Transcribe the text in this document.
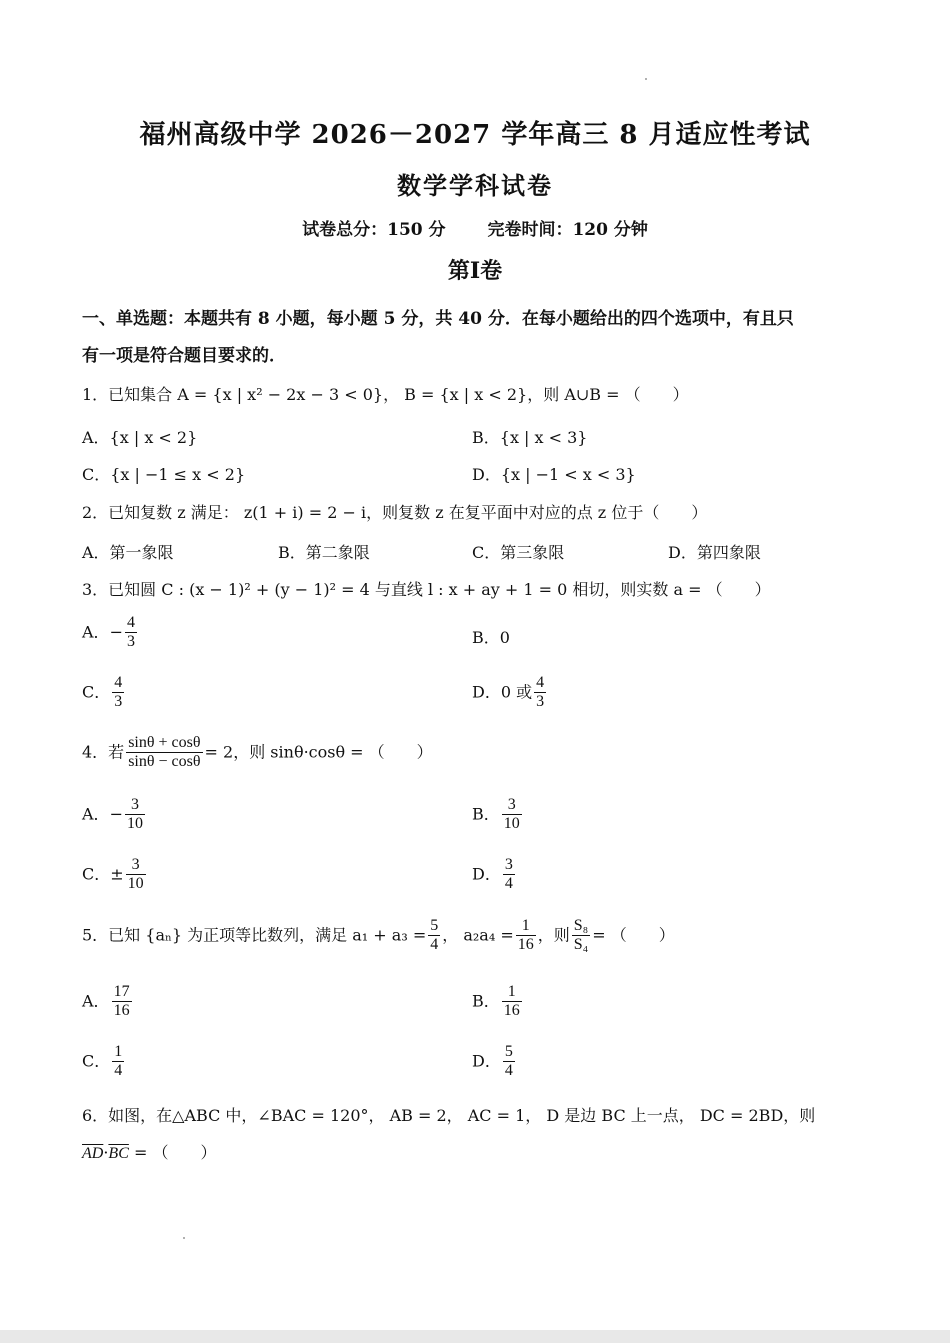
福州高级中学 2026－2027 学年高三 8 月适应性考试
数学学科试卷
试卷总分：150 分 完卷时间：120 分钟
第I卷
一、单选题：本题共有 8 小题，每小题 5 分，共 40 分．在每小题给出的四个选项中，有且只
有一项是符合题目要求的．
1．已知集合 A = {x | x² − 2x − 3 < 0}， B = {x | x < 2}，则 A∪B = （　　）
A．{x | x < 2}	B．{x | x < 3}
C．{x | −1 ≤ x < 2}	D．{x | −1 < x < 3}
2．已知复数 z 满足： z(1 + i) = 2 − i，则复数 z 在复平面中对应的点 z 位于（　　）
A．第一象限	B．第二象限	C．第三象限	D．第四象限
3．已知圆 C : (x − 1)² + (y − 1)² = 4 与直线 l : x + ay + 1 = 0 相切，则实数 a = （　　）
A．− $\frac{4}{3}$	B．0
C． $\frac{4}{3}$	D．0 或 $\frac{4}{3}$
4．若 $\frac{\sin\theta + \cos\theta}{\sin\theta - \cos\theta} = 2$，则 sinθ·cosθ = （　　）
A．− $\frac{3}{10}$	B． $\frac{3}{10}$
C．± $\frac{3}{10}$	D． $\frac{3}{4}$
5．已知 {aₙ} 为正项等比数列，满足 $a_1 + a_3 = \frac{5}{4}$ ， $a_2a_4 = \frac{1}{16}$ ，则 $\frac{\text{S₈}}{\text{S₄}}$ = （　　）
A． $\frac{17}{16}$	B． $\frac{1}{16}$
C． $\frac{1}{4}$	D． $\frac{5}{4}$
6．如图，在△ABC 中，∠BAC = 120°， AB = 2， AC = 1， D 是边 BC 上一点， DC = 2BD，则
$\overline{AD}\cdot\overline{BC}$ = （　　）
